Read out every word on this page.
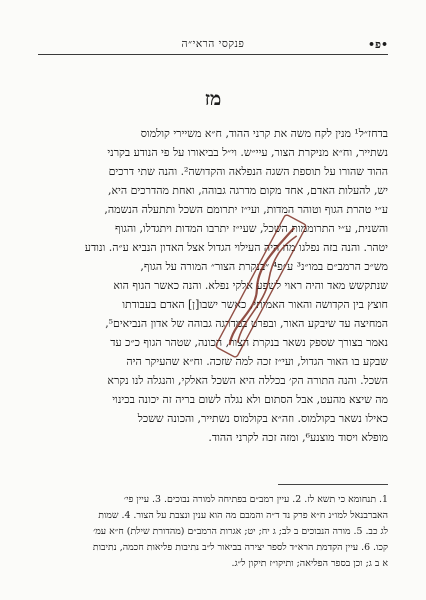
•פ•
פנקסי הראי״ה
מז
בדחז״ל¹ מנין לקח משה את קרני ההוד, ח״א משיירי קולמוס
נשתייר, וח״א מניקרת הצור, עיי״ש. וי״ל בביאורו על פי הנודע בקרני
ההוד שהורו על תוספת השגה הנפלאה והקדושה². והנה שתי דרכים
יש, להעלות האדם, אחד מקום מדרגה גבוהה, ואחת מהדרכים היא,
ע״י טהרת הגוף וטוהר המדות, ועי״ז יתרומם השכל ותתעלה הנשמה,
והשנית, ע״י התרוממות השכל, שעי״ז יתרבו המדות ויתגדלו, והגוף
יטהר. והנה בזה נפלגו מה היה העילוי הגדול אצל האדון הנביא ע״ה. ונודע
מש״כ הרמב״ם במו״נ³ ע״פ⁴ ״בנקרת הצור״ המורה על הגוף,
שנתקשש מאד והיה ראוי לשפע אלקי נפלא. והנה כאשר הגוף הוא
חוצץ בין הקדושה והאור האמיתי, כאשר ישבו[ן] האדם בעבודתו
המחיצה עד שיבקע האור, ובפרט במדרגה גבוהה של אדון הנביאים⁵,
נאמר בצורך שספק נשאר בנקרת הצור, הכונה, שטהר הגוף כ״כ עד
שבקע בו האור הגדול, ועי״ז זכה למה שזכה. וח״א שהעיקר היה
השכל. והנה התורה הק׳ בכללה היא השכל האלקי, והנגלה לנו נקרא
מה שיצא מהעט, אבל הסתום ולא נגלה לשום בריה זה יכונה בכינוי
כאילו נשאר בקולמוס. וזה״א בקולמוס נשתייר, והכונה ששכל
מופלא ויסוד מוצנע⁶, ומזה זכה לקרני ההוד.
1. תנחומא כי תשא לז. 2. עיין רמב״ם בפתיחה למורה נבוכים. 3. עיין פי׳
האברבנאל למו״נ ח״א פרק נד ד״ה והמבם מה הוא ענין ונצבת על הצור. 4. שמות
לג כב. 5. מורה הנבוכים ב לב; ג יח; יט; אגרות הרמב״ם (מהדורת שילת) ח״א עמ׳
קכו. 6. עיין הקדמת הרא״ד לספר יצירה בביאור ל״ב נתיבות פליאות חכמה, נתיבות
א ב ג; וכן בספר הפליאה; ותיקו״ז תיקון ל״ג.
